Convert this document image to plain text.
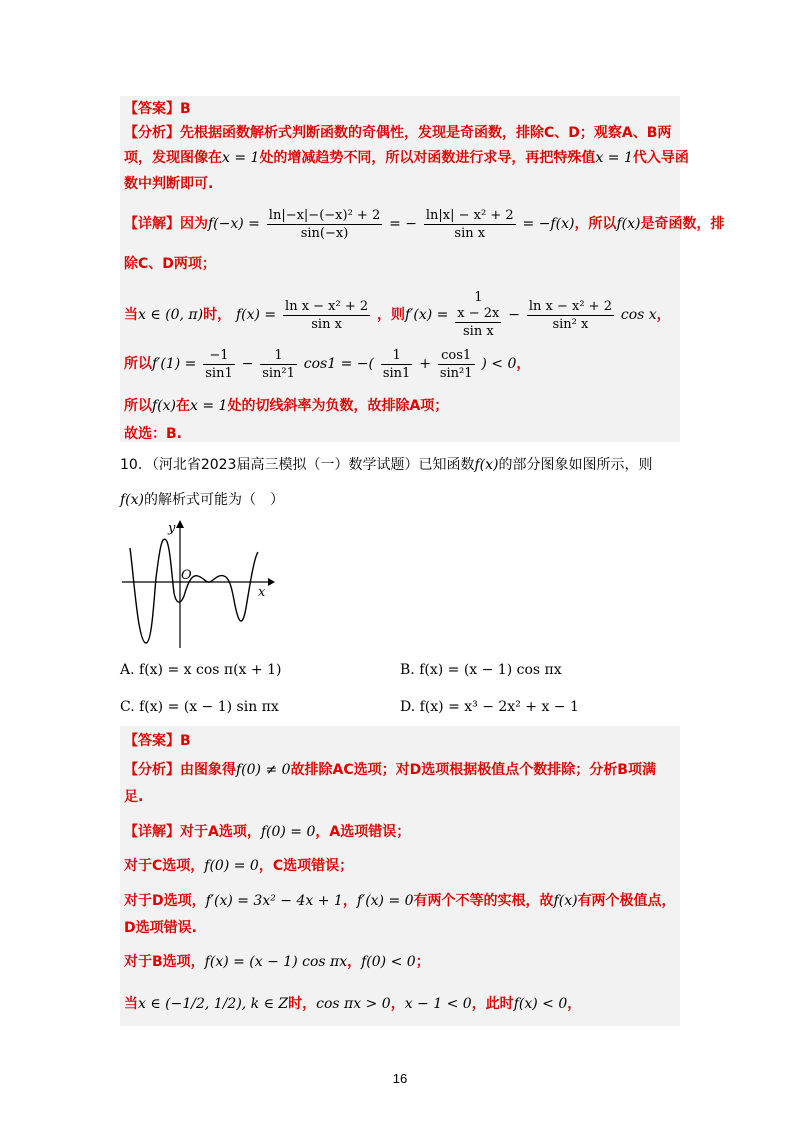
【答案】B
【分析】先根据函数解析式判断函数的奇偶性，发现是奇函数，排除C、D；观察A、B两
项，发现图像在x = 1处的增减趋势不同，所以对函数进行求导，再把特殊值x = 1代入导函
数中判断即可.
【详解】因为$f(-x) = \frac{\text{ln|−x|−(−x)² + 2}}{\sin(-x)}$ = − $\frac{\text{ln|x| − x² + 2}}{\text{sin x}} = -f(x)$，所以f(x)是奇函数，排
除C、D两项；
当x ∈ (0, π)时， $f(x) = \frac{\text{ln x − x² + 2}}{\text{sin x}}$ ，则f′(x) =
1
x − 2x
sin x
− $\frac{\text{ln x − x² + 2}}{\text{sin² x}}$ cos x，
所以$f'(1) = \frac{-1}{\sin 1} - \frac{1}{\text{sin²1}} \cos 1$ = −( $\frac{1}{\sin 1} + \frac{\cos 1}{\text{sin²1}}$ ) < 0，
所以f(x)在x = 1处的切线斜率为负数，故排除A项；
故选：B.
10．（河北省2023届高三模拟（一）数学试题）已知函数f(x)的部分图象如图所示，则
f(x)的解析式可能为（　）
y
O
x
A. f(x) = x cos π(x + 1)	B. f(x) = (x − 1) cos πx
C. f(x) = (x − 1) sin πx	D. f(x) = x³ − 2x² + x − 1
【答案】B
【分析】由图象得f(0) ≠ 0故排除AC选项；对D选项根据极值点个数排除；分析B项满
足.
【详解】对于A选项，f(0) = 0，A选项错误；
对于C选项，f(0) = 0，C选项错误；
对于D选项，f′(x) = 3x² − 4x + 1，f′(x) = 0有两个不等的实根，故f(x)有两个极值点，
D选项错误.
对于B选项，f(x) = (x − 1) cos πx，f(0) < 0；
当x ∈ (−1/2, 1/2), k ∈ Z时，cos πx > 0，x − 1 < 0，此时f(x) < 0，
16
